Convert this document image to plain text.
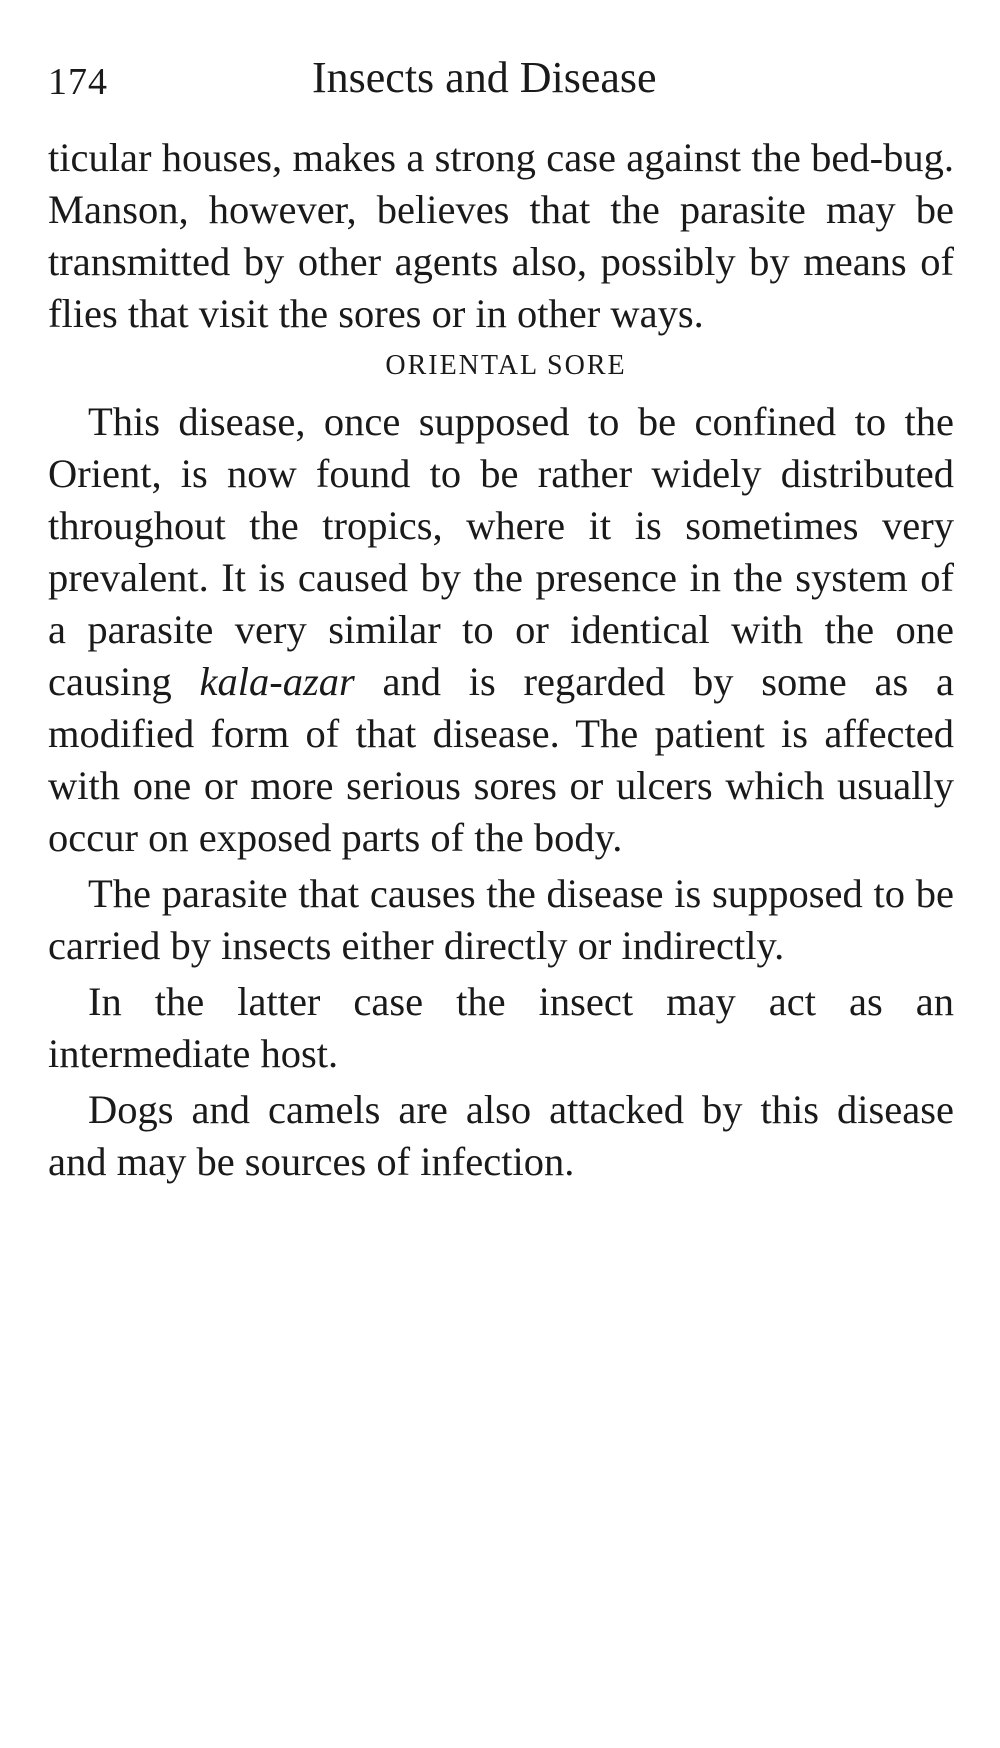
174	Insects and Disease

ticular houses, makes a strong case against the bed-bug. Manson, however, believes that the parasite may be transmitted by other agents also, possibly by means of flies that visit the sores or in other ways.

ORIENTAL SORE

This disease, once supposed to be confined to the Orient, is now found to be rather widely distributed throughout the tropics, where it is sometimes very prevalent. It is caused by the presence in the system of a parasite very similar to or identical with the one causing kala-azar and is regarded by some as a modified form of that disease. The patient is affected with one or more serious sores or ulcers which usually occur on exposed parts of the body.

The parasite that causes the disease is supposed to be carried by insects either directly or indirectly.

In the latter case the insect may act as an intermediate host.

Dogs and camels are also attacked by this disease and may be sources of infection.
